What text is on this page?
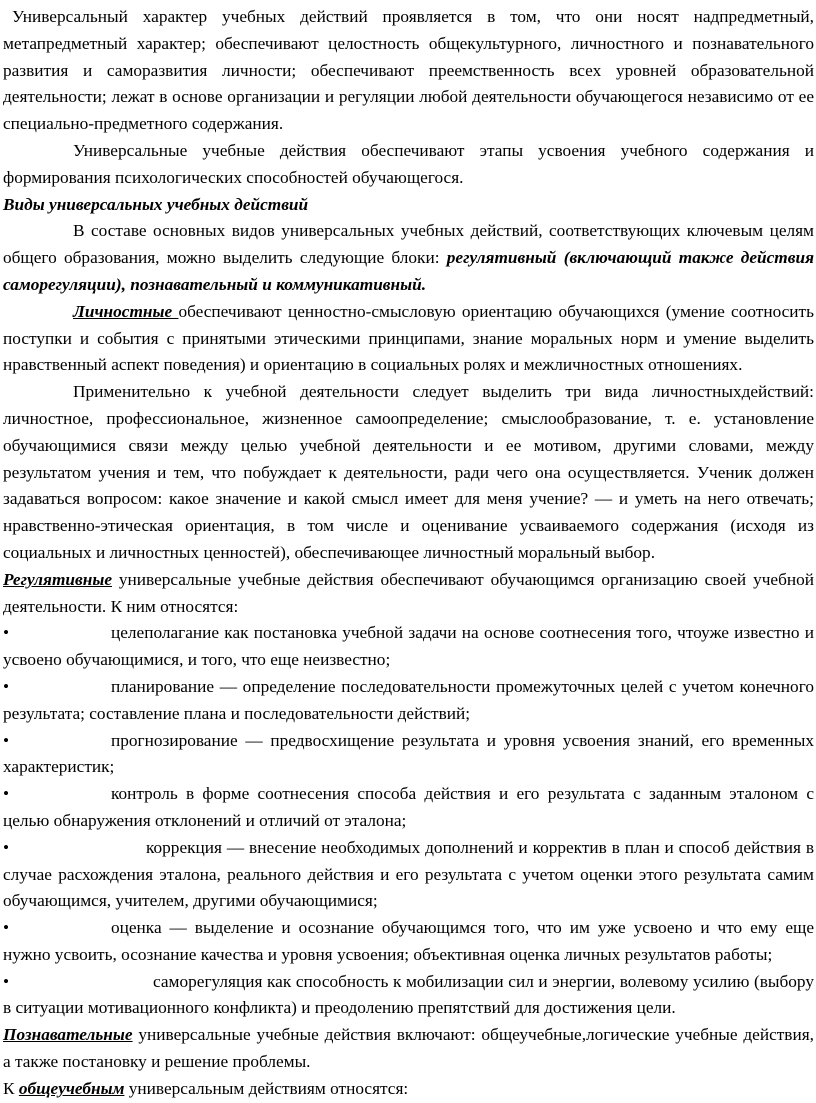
Универсальный характер учебных действий проявляется в том, что они носят надпредметный, метапредметный характер; обеспечивают целостность общекультурного, личностного и познавательного развития и саморазвития личности; обеспечивают преемственность всех уровней образовательной деятельности; лежат в основе организации и регуляции любой деятельности обучающегося независимо от ее специально-предметного содержания.

Универсальные учебные действия обеспечивают этапы усвоения учебного содержания и формирования психологических способностей обучающегося.

Виды универсальных учебных действий

В составе основных видов универсальных учебных действий, соответствующих ключевым целям общего образования, можно выделить следующие блоки: регулятивный (включающий также действия саморегуляции), познавательный и коммуникативный.

Личностные обеспечивают ценностно-смысловую ориентацию обучающихся (умение соотносить поступки и события с принятыми этическими принципами, знание моральных норм и умение выделить нравственный аспект поведения) и ориентацию в социальных ролях и межличностных отношениях.

Применительно к учебной деятельности следует выделить три вида личностныхдействий: личностное, профессиональное, жизненное самоопределение; смыслообразование, т. е. установление обучающимися связи между целью учебной деятельности и ее мотивом, другими словами, между результатом учения и тем, что побуждает к деятельности, ради чего она осуществляется. Ученик должен задаваться вопросом: какое значение и какой смысл имеет для меня учение? — и уметь на него отвечать; нравственно-этическая ориентация, в том числе и оценивание усваиваемого содержания (исходя из социальных и личностных ценностей), обеспечивающее личностный моральный выбор.

Регулятивные универсальные учебные действия обеспечивают обучающимся организацию своей учебной деятельности. К ним относятся:

•	целеполагание как постановка учебной задачи на основе соотнесения того, чтоуже известно и усвоено обучающимися, и того, что еще неизвестно;

•	планирование — определение последовательности промежуточных целей с учетом конечного результата; составление плана и последовательности действий;

•	прогнозирование — предвосхищение результата и уровня усвоения знаний, его временных характеристик;

•	контроль в форме соотнесения способа действия и его результата с заданным эталоном с целью обнаружения отклонений и отличий от эталона;

•	коррекция — внесение необходимых дополнений и корректив в план и способ действия в случае расхождения эталона, реального действия и его результата с учетом оценки этого результата самим обучающимся, учителем, другими обучающимися;

•	оценка — выделение и осознание обучающимся того, что им уже усвоено и что ему еще нужно усвоить, осознание качества и уровня усвоения; объективная оценка личных результатов работы;

•	саморегуляция как способность к мобилизации сил и энергии, волевому усилию (выбору в ситуации мотивационного конфликта) и преодолению препятствий для достижения цели.

Познавательные универсальные учебные действия включают: общеучебные,логические учебные действия, а также постановку и решение проблемы.

К общеучебным универсальным действиям относятся:
